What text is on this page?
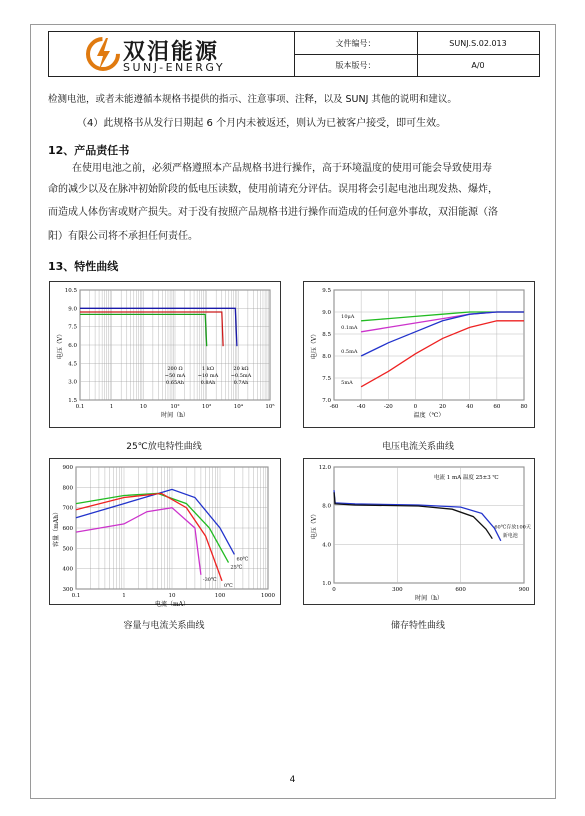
双泪能源
SUNJ-ENERGY
文件编号：	SUNJ.S.02.013
版本版号：	A/0
检测电池，或者未能遵循本规格书提供的指示、注意事项、注释，以及 SUNJ 其他的说明和建议。
（4）此规格书从发行日期起 6 个月内未被返还，则认为已被客户接受，即可生效。
12、产品责任书
在使用电池之前，必须严格遵照本产品规格书进行操作，高于环境温度的使用可能会导致使用寿
命的减少以及在脉冲初始阶段的低电压读数，使用前请充分评估。误用将会引起电池出现发热、爆炸，
而造成人体伤害或财产损失。对于没有按照产品规格书进行操作而造成的任何意外事故，双泪能源（洛
阳）有限公司将不承担任何责任。
13、特性曲线
1.5
3.0
4.5
6.0
7.5
9.0
10.5
0.1	1	10	10²	10³	10⁴	10⁵
时间（h）
电压（V）
200 Ω
~50 mA
0.65Ah
1 kΩ
~10 mA
0.8Ah
20 kΩ
~0.5mA
0.7Ah
7.0
7.5
8.0
8.5
9.0
9.5
-60	-40	-20	0	20	40	60	80
温度（℃）
电压（V）
10μA
0.1mA
0.5mA
5mA
300
400
500
600
700
800
900
0.1	1	10	100	1000
电流（mA）
容量（mAh）
60℃
25℃
0℃
-30℃
1.0
4.0
8.0
12.0
0	300	600	900
时间（h）
电压（V）	新电池
60℃存放100天
电流 1 mA 温度 25±3 ℃
25℃放电特性曲线	电压电流关系曲线
容量与电流关系曲线	储存特性曲线
4
